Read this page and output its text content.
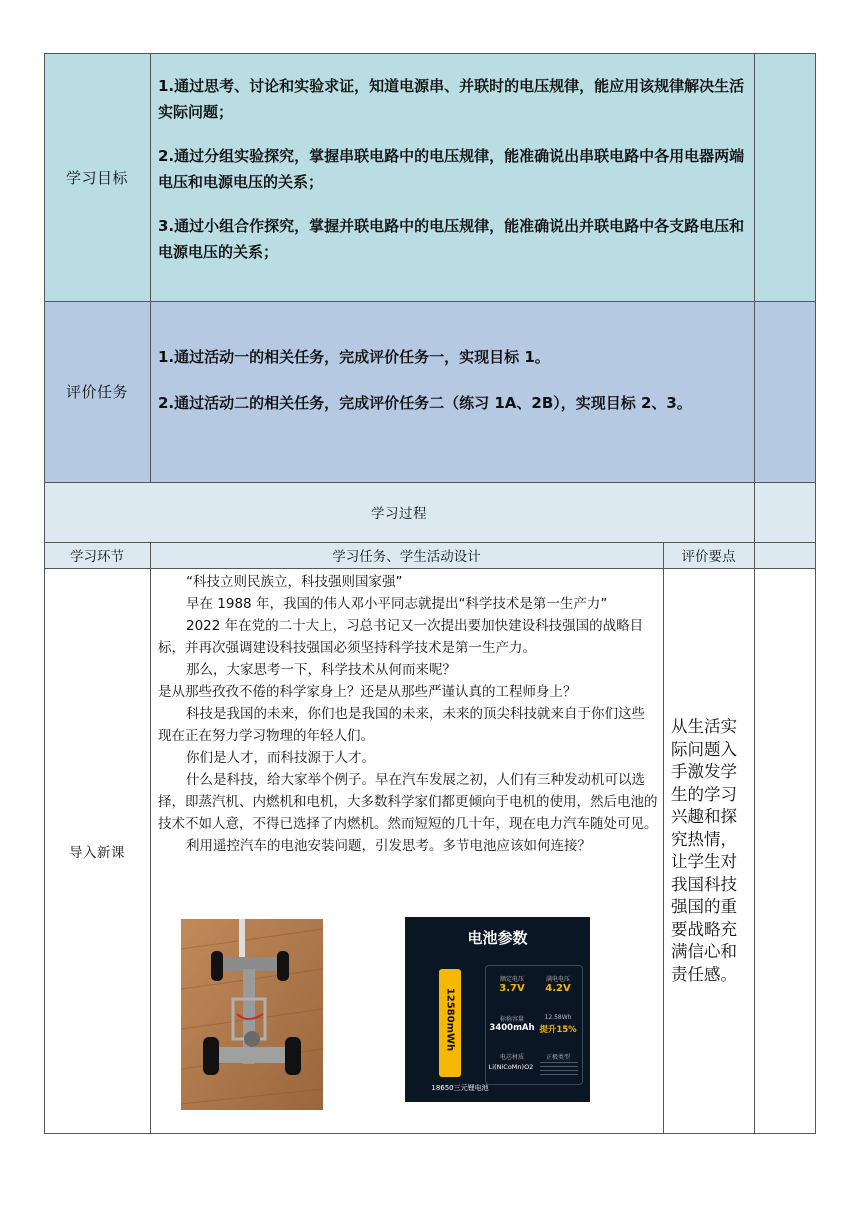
学习目标

1.通过思考、讨论和实验求证，知道电源串、并联时的电压规律，能应用该规律解决生活实际问题；

2.通过分组实验探究，掌握串联电路中的电压规律，能准确说出串联电路中各用电器两端电压和电源电压的关系；

3.通过小组合作探究，掌握并联电路中的电压规律，能准确说出并联电路中各支路电压和电源电压的关系；

评价任务

1.通过活动一的相关任务，完成评价任务一，实现目标 1。

2.通过活动二的相关任务，完成评价任务二（练习 1A、2B），实现目标 2、3。

学习过程
学习环节	学习任务、学生活动设计	评价要点
导入新课

“科技立则民族立，科技强则国家强”

早在 1988 年，我国的伟人邓小平同志就提出“科学技术是第一生产力”

2022 年在党的二十大上，习总书记又一次提出要加快建设科技强国的战略目标，并再次强调建设科技强国必须坚持科学技术是第一生产力。

那么，大家思考一下，科学技术从何而来呢？

是从那些孜孜不倦的科学家身上？还是从那些严谨认真的工程师身上？

科技是我国的未来，你们也是我国的未来，未来的顶尖科技就来自于你们这些现在正在努力学习物理的年轻人们。

你们是人才，而科技源于人才。

什么是科技，给大家举个例子。早在汽车发展之初，人们有三种发动机可以选择，即蒸汽机、内燃机和电机，大多数科学家们都更倾向于电机的使用，然后电池的技术不如人意，不得已选择了内燃机。然而短短的几十年，现在电力汽车随处可见。

利用遥控汽车的电池安装问题，引发思考。多节电池应该如何连接？

电池参数
12580mWh
18650三元锂电池
额定电压
3.7V
满电电压
4.2V
标称容量
3400mAh
12.58Wh
提升15%
电芯材质
Li(NiCoMn)O2
正极类型
从生活实际问题入手激发学生的学习兴趣和探究热情，让学生对我国科技强国的重要战略充满信心和责任感。
